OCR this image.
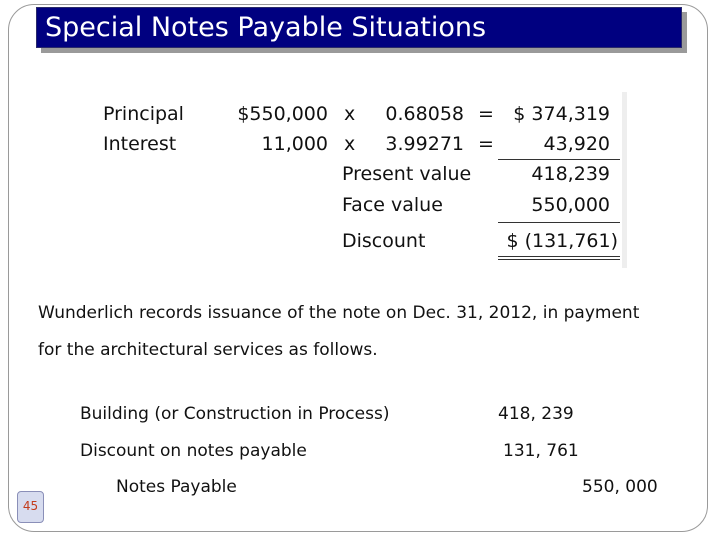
Special Notes Payable Situations
Principal	$550,000 x	0.68058 =	$ 374,319
Interest	11,000 x	3.99271 =	43,920
Present value	418,239
Face value	550,000
Discount	$ (131,761)
Wunderlich records issuance of the note on Dec. 31, 2012, in payment
for the architectural services as follows.
Building (or Construction in Process)	418, 239
Discount on notes payable	131, 761
Notes Payable	550, 000
45
